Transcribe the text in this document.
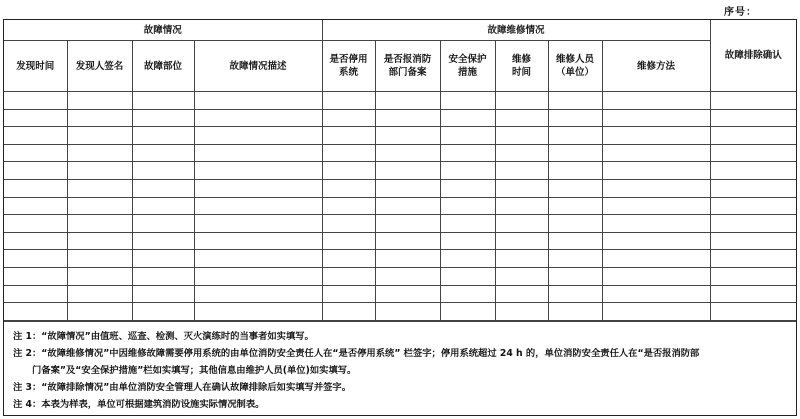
序号：
故障情况				故障维修情况						故障排除确认
发现时间	发现人签名	故障部位	故障情况描述	是否停用系统	是否报消防部门备案	安全保护措施	维修时间	维修人员（单位）	维修方法	

注 1：“故障情况”由值班、巡查、检测、灭火演练时的当事者如实填写。
注 2：“故障维修情况”中因维修故障需要停用系统的由单位消防安全责任人在“是否停用系统” 栏签字；停用系统超过 24 h 的，单位消防安全责任人在“是否报消防部
门备案”及“安全保护措施”栏如实填写；其他信息由维护人员(单位)如实填写。
注 3：“故障排除情况”由单位消防安全管理人在确认故障排除后如实填写并签字。
注 4：本表为样表，单位可根据建筑消防设施实际情况制表。
